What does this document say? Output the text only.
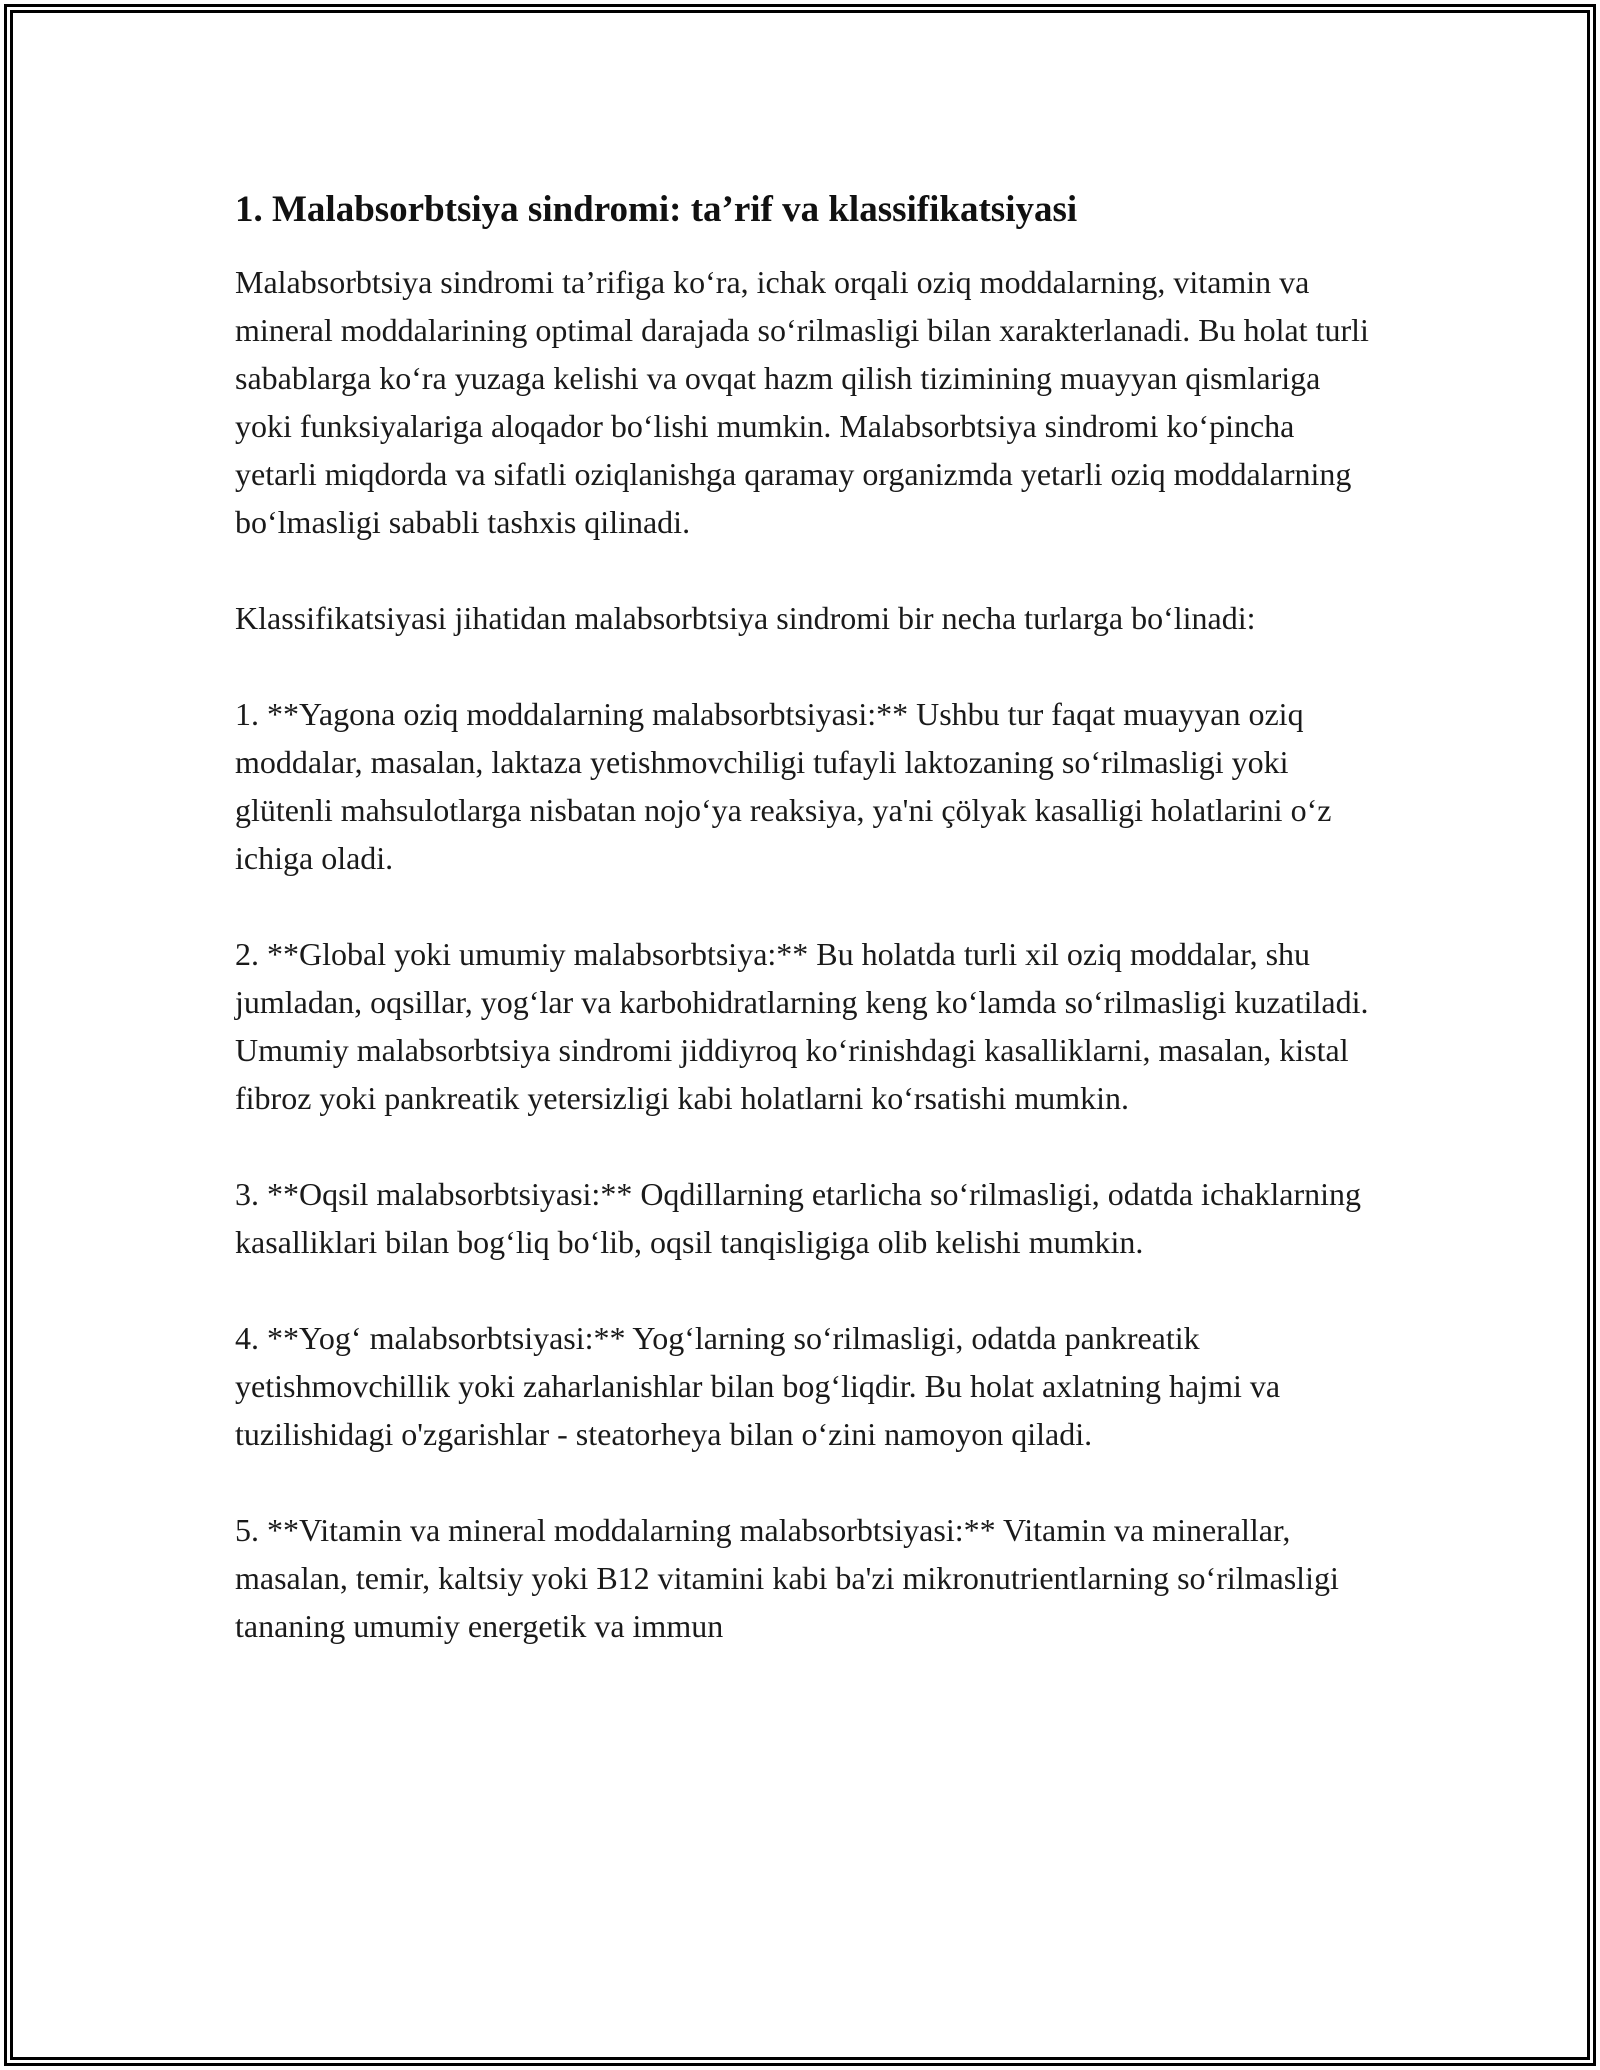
1. Malabsorbtsiya sindromi: ta’rif va klassifikatsiyasi

Malabsorbtsiya sindromi ta’rifiga ko‘ra, ichak orqali oziq moddalarning, vitamin va mineral moddalarining optimal darajada so‘rilmasligi bilan xarakterlanadi. Bu holat turli sabablarga ko‘ra yuzaga kelishi va ovqat hazm qilish tizimining muayyan qismlariga yoki funksiyalariga aloqador bo‘lishi mumkin. Malabsorbtsiya sindromi ko‘pincha yetarli miqdorda va sifatli oziqlanishga qaramay organizmda yetarli oziq moddalarning bo‘lmasligi sababli tashxis qilinadi.

Klassifikatsiyasi jihatidan malabsorbtsiya sindromi bir necha turlarga bo‘linadi:

1. **Yagona oziq moddalarning malabsorbtsiyasi:** Ushbu tur faqat muayyan oziq moddalar, masalan, laktaza yetishmovchiligi tufayli laktozaning so‘rilmasligi yoki glütenli mahsulotlarga nisbatan nojo‘ya reaksiya, ya'ni çölyak kasalligi holatlarini o‘z ichiga oladi.

2. **Global yoki umumiy malabsorbtsiya:** Bu holatda turli xil oziq moddalar, shu jumladan, oqsillar, yog‘lar va karbohidratlarning keng ko‘lamda so‘rilmasligi kuzatiladi. Umumiy malabsorbtsiya sindromi jiddiyroq ko‘rinishdagi kasalliklarni, masalan, kistal fibroz yoki pankreatik yetersizligi kabi holatlarni ko‘rsatishi mumkin.

3. **Oqsil malabsorbtsiyasi:** Oqdillarning etarlicha so‘rilmasligi, odatda ichaklarning kasalliklari bilan bog‘liq bo‘lib, oqsil tanqisligiga olib kelishi mumkin.

4. **Yog‘ malabsorbtsiyasi:** Yog‘larning so‘rilmasligi, odatda pankreatik yetishmovchillik yoki zaharlanishlar bilan bog‘liqdir. Bu holat axlatning hajmi va tuzilishidagi o'zgarishlar - steatorheya bilan o‘zini namoyon qiladi.

5. **Vitamin va mineral moddalarning malabsorbtsiyasi:** Vitamin va minerallar, masalan, temir, kaltsiy yoki B12 vitamini kabi ba'zi mikronutrientlarning so‘rilmasligi tananing umumiy energetik va immun
